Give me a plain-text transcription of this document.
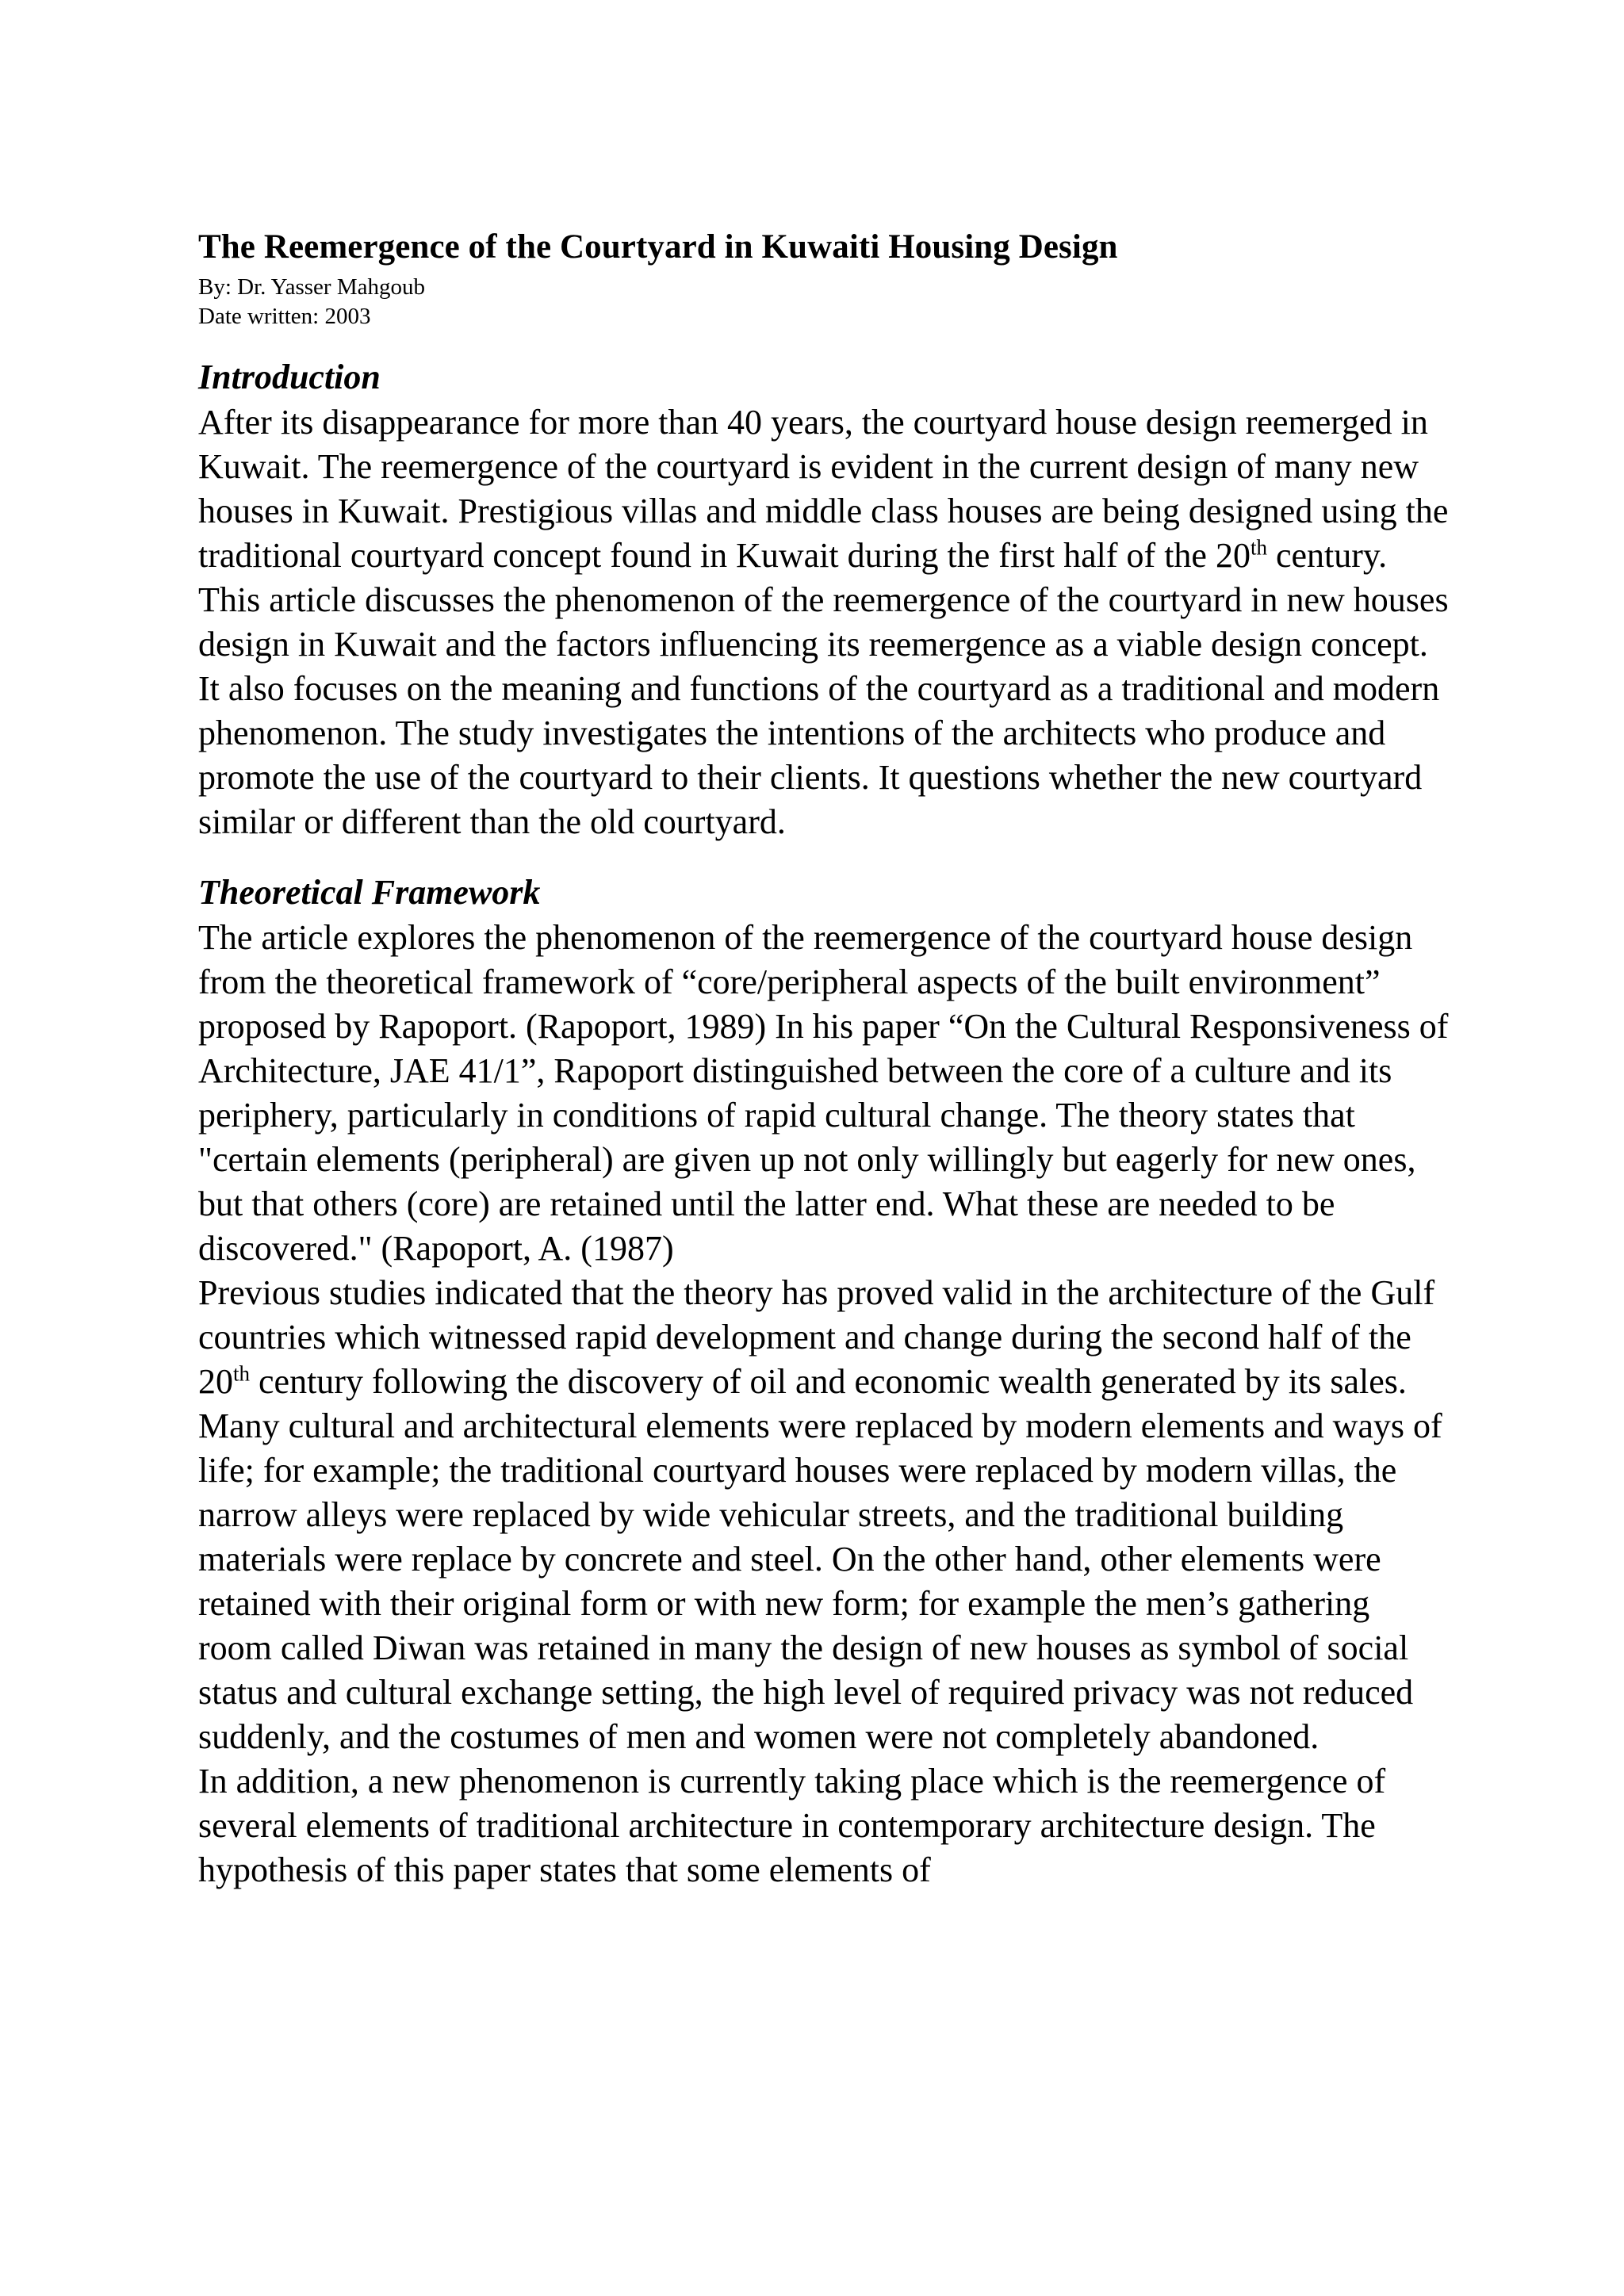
The Reemergence of the Courtyard in Kuwaiti Housing Design

By: Dr. Yasser Mahgoub

Date written: 2003

Introduction

After its disappearance for more than 40 years, the courtyard house design reemerged in Kuwait. The reemergence of the courtyard is evident in the current design of many new houses in Kuwait. Prestigious villas and middle class houses are being designed using the traditional courtyard concept found in Kuwait during the first half of the 20th century. This article discusses the phenomenon of the reemergence of the courtyard in new houses design in Kuwait and the factors influencing its reemergence as a viable design concept. It also focuses on the meaning and functions of the courtyard as a traditional and modern phenomenon. The study investigates the intentions of the architects who produce and promote the use of the courtyard to their clients. It questions whether the new courtyard similar or different than the old courtyard.

Theoretical Framework

The article explores the phenomenon of the reemergence of the courtyard house design from the theoretical framework of “core/peripheral aspects of the built environment” proposed by Rapoport. (Rapoport, 1989) In his paper “On the Cultural Responsiveness of Architecture, JAE 41/1”, Rapoport distinguished between the core of a culture and its periphery, particularly in conditions of rapid cultural change. The theory states that "certain elements (peripheral) are given up not only willingly but eagerly for new ones, but that others (core) are retained until the latter end. What these are needed to be discovered." (Rapoport, A. (1987)

Previous studies indicated that the theory has proved valid in the architecture of the Gulf countries which witnessed rapid development and change during the second half of the 20th century following the discovery of oil and economic wealth generated by its sales. Many cultural and architectural elements were replaced by modern elements and ways of life; for example; the traditional courtyard houses were replaced by modern villas, the narrow alleys were replaced by wide vehicular streets, and the traditional building materials were replace by concrete and steel. On the other hand, other elements were retained with their original form or with new form; for example the men’s gathering room called Diwan was retained in many the design of new houses as symbol of social status and cultural exchange setting, the high level of required privacy was not reduced suddenly, and the costumes of men and women were not completely abandoned.

In addition, a new phenomenon is currently taking place which is the reemergence of several elements of traditional architecture in contemporary architecture design. The hypothesis of this paper states that some elements of
